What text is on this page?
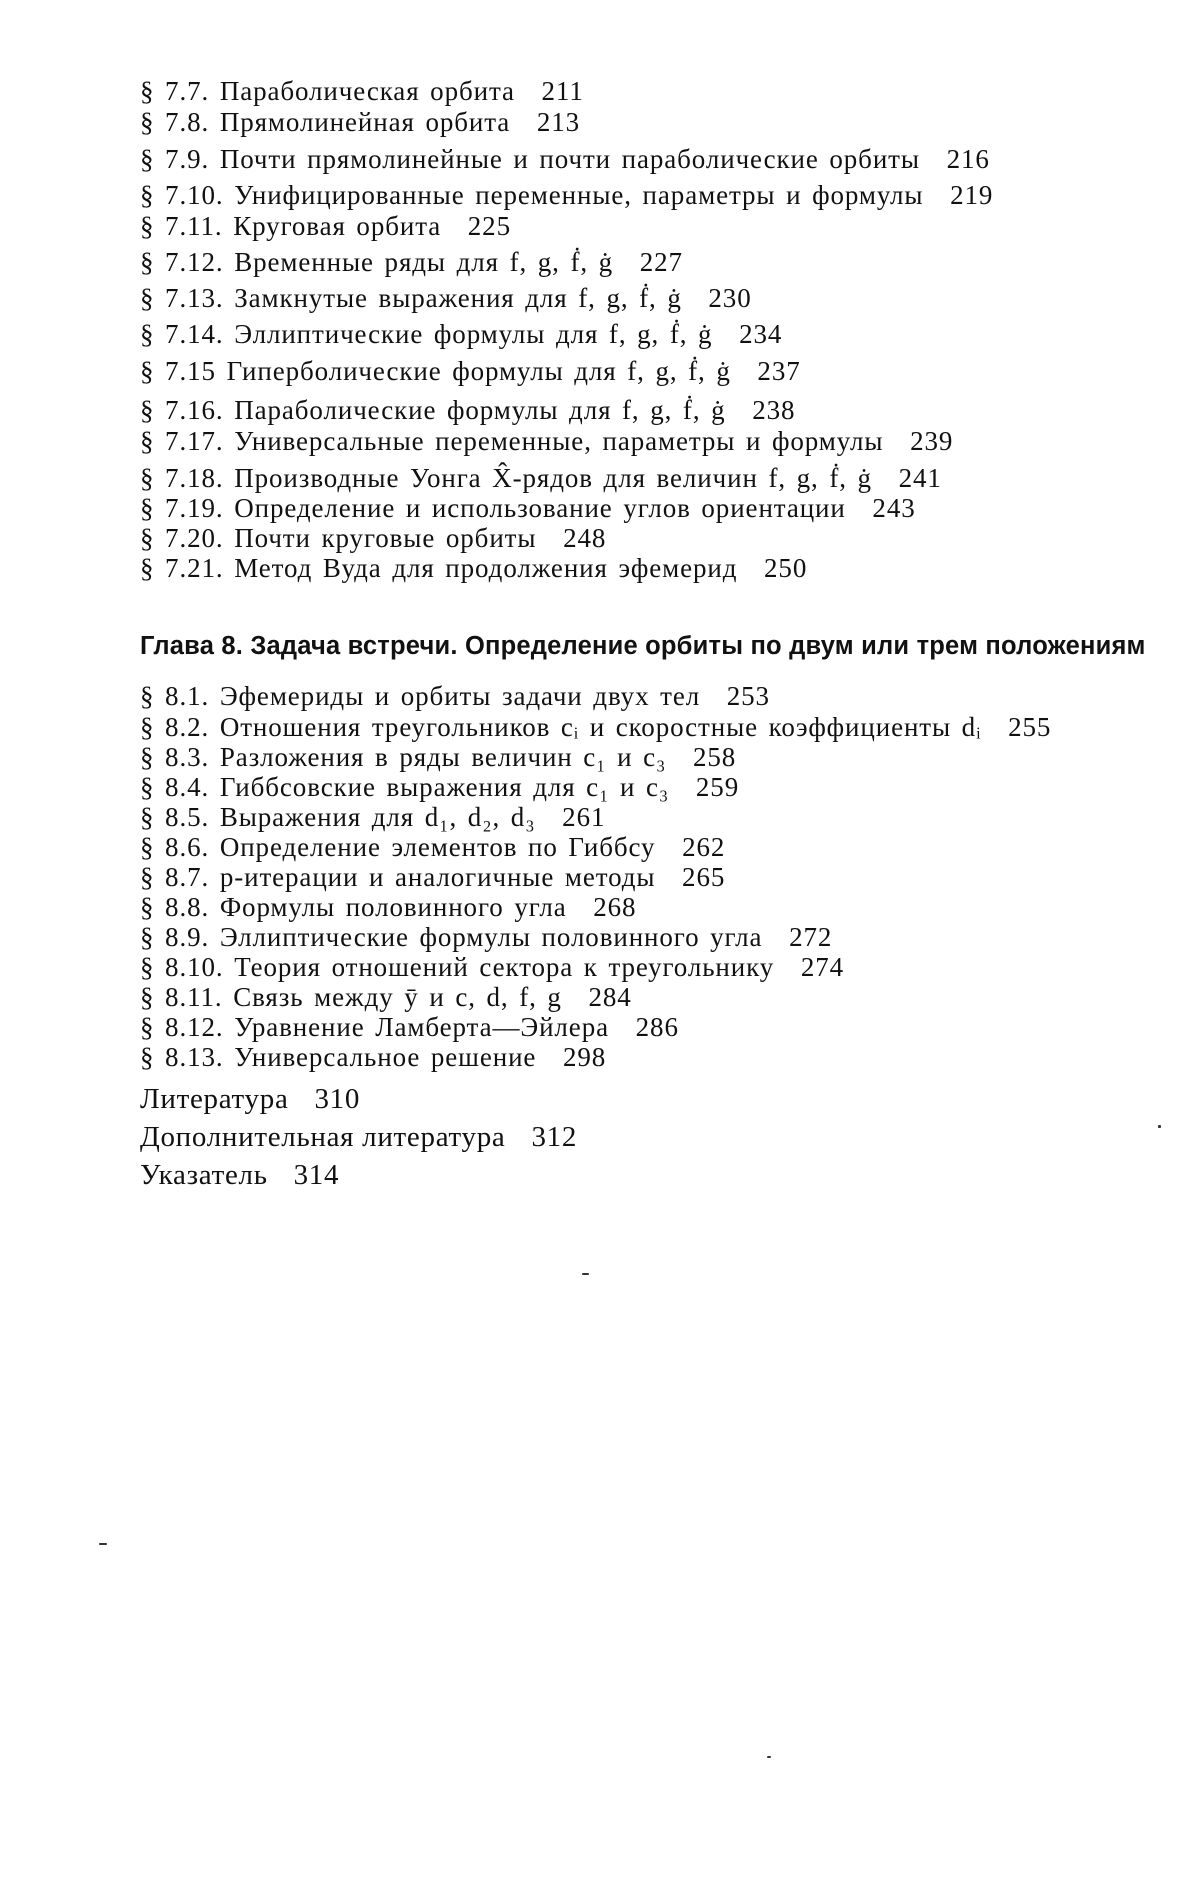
§ 7.7. Параболическая орбита 211
§ 7.8. Прямолинейная орбита 213
§ 7.9. Почти прямолинейные и почти параболические орбиты 216
§ 7.10. Унифицированные переменные, параметры и формулы 219
§ 7.11. Круговая орбита 225
§ 7.12. Временные ряды для f, g, ḟ, ġ 227
§ 7.13. Замкнутые выражения для f, g, ḟ, ġ 230
§ 7.14. Эллиптические формулы для f, g, ḟ, ġ 234
§ 7.15 Гиперболические формулы для f, g, ḟ, ġ 237
§ 7.16. Параболические формулы для f, g, ḟ, ġ 238
§ 7.17. Универсальные переменные, параметры и формулы 239
§ 7.18. Производные Уонга X̂-рядов для величин f, g, ḟ, ġ 241
§ 7.19. Определение и использование углов ориентации 243
§ 7.20. Почти круговые орбиты 248
§ 7.21. Метод Вуда для продолжения эфемерид 250
Глава 8. Задача встречи. Определение орбиты по двум или трем положениям
§ 8.1. Эфемериды и орбиты задачи двух тел 253
§ 8.2. Отношения треугольников cᵢ и скоростные коэффициенты dᵢ 255
§ 8.3. Разложения в ряды величин c₁ и c₃ 258
§ 8.4. Гиббсовские выражения для c₁ и c₃ 259
§ 8.5. Выражения для d₁, d₂, d₃ 261
§ 8.6. Определение элементов по Гиббсу 262
§ 8.7. p-итерации и аналогичные методы 265
§ 8.8. Формулы половинного угла 268
§ 8.9. Эллиптические формулы половинного угла 272
§ 8.10. Теория отношений сектора к треугольнику 274
§ 8.11. Связь между ȳ и c, d, f, g 284
§ 8.12. Уравнение Ламберта—Эйлера 286
§ 8.13. Универсальное решение 298
Литература 310
Дополнительная литература 312
Указатель 314
